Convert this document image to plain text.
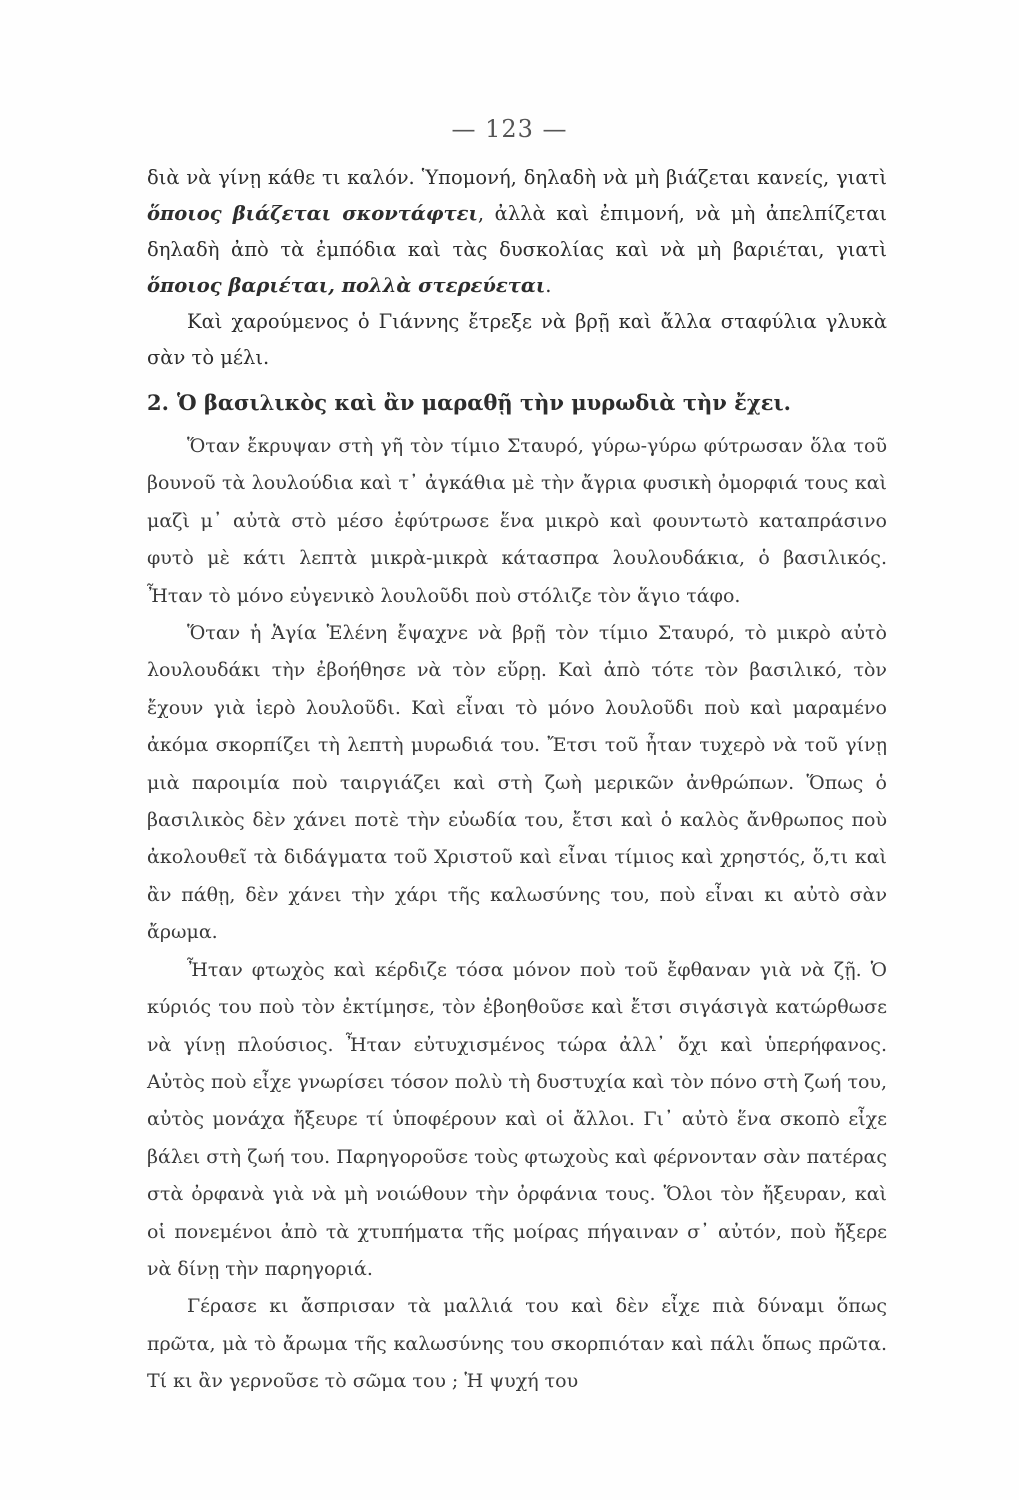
— 123 —

διὰ νὰ γίνῃ κάθε τι καλόν. Ὑπομονή, δηλαδὴ νὰ μὴ βιάζεται κανείς, γιατὶ ὅποιος βιάζεται σκοντάφτει, ἀλλὰ καὶ ἐπιμονή, νὰ μὴ ἀπελπίζεται δηλαδὴ ἀπὸ τὰ ἐμπόδια καὶ τὰς δυσκολίας καὶ νὰ μὴ βαριέται, γιατὶ ὅποιος βαριέται, πολλὰ στερεύεται.

Καὶ χαρούμενος ὁ Γιάννης ἔτρεξε νὰ βρῇ καὶ ἄλλα σταφύλια γλυκὰ σὰν τὸ μέλι.

2. Ὁ βασιλικὸς καὶ ἂν μαραθῇ τὴν μυρωδιὰ τὴν ἔχει.

Ὅταν ἔκρυψαν στὴ γῆ τὸν τίμιο Σταυρό, γύρω-γύρω φύτρωσαν ὅλα τοῦ βουνοῦ τὰ λουλούδια καὶ τ᾽ ἀγκάθια μὲ τὴν ἄγρια φυσικὴ ὀμορφιά τους καὶ μαζὶ μ᾽ αὐτὰ στὸ μέσο ἐφύτρωσε ἕνα μικρὸ καὶ φουντωτὸ καταπράσινο φυτὸ μὲ κάτι λεπτὰ μικρὰ-μικρὰ κάτασπρα λουλουδάκια, ὁ βασιλικός. Ἦταν τὸ μόνο εὐγενικὸ λουλοῦδι ποὺ στόλιζε τὸν ἅγιο τάφο.

Ὅταν ἡ Ἁγία Ἑλένη ἔψαχνε νὰ βρῇ τὸν τίμιο Σταυρό, τὸ μικρὸ αὐτὸ λουλουδάκι τὴν ἐβοήθησε νὰ τὸν εὕρῃ. Καὶ ἀπὸ τότε τὸν βασιλικό, τὸν ἔχουν γιὰ ἱερὸ λουλοῦδι. Καὶ εἶναι τὸ μόνο λουλοῦδι ποὺ καὶ μαραμένο ἀκόμα σκορπίζει τὴ λεπτὴ μυρωδιά του. Ἔτσι τοῦ ἦταν τυχερὸ νὰ τοῦ γίνῃ μιὰ παροιμία ποὺ ταιργιάζει καὶ στὴ ζωὴ μερικῶν ἀνθρώπων. Ὅπως ὁ βασιλικὸς δὲν χάνει ποτὲ τὴν εὐωδία του, ἔτσι καὶ ὁ καλὸς ἄνθρωπος ποὺ ἀκολουθεῖ τὰ διδάγματα τοῦ Χριστοῦ καὶ εἶναι τίμιος καὶ χρηστός, ὅ,τι καὶ ἂν πάθῃ, δὲν χάνει τὴν χάρι τῆς καλωσύνης του, ποὺ εἶναι κι αὐτὸ σὰν ἄρωμα.

Ἦταν φτωχὸς καὶ κέρδιζε τόσα μόνον ποὺ τοῦ ἔφθαναν γιὰ νὰ ζῇ. Ὁ κύριός του ποὺ τὸν ἐκτίμησε, τὸν ἐβοηθοῦσε καὶ ἔτσι σιγάσιγὰ κατώρθωσε νὰ γίνῃ πλούσιος. Ἦταν εὐτυχισμένος τώρα ἀλλ᾽ ὄχι καὶ ὑπερήφανος. Αὐτὸς ποὺ εἶχε γνωρίσει τόσον πολὺ τὴ δυστυχία καὶ τὸν πόνο στὴ ζωή του, αὐτὸς μονάχα ἤξευρε τί ὑποφέρουν καὶ οἱ ἄλλοι. Γι᾽ αὐτὸ ἕνα σκοπὸ εἶχε βάλει στὴ ζωή του. Παρηγοροῦσε τοὺς φτωχοὺς καὶ φέρνονταν σὰν πατέρας στὰ ὀρφανὰ γιὰ νὰ μὴ νοιώθουν τὴν ὀρφάνια τους. Ὅλοι τὸν ἤξευραν, καὶ οἱ πονεμένοι ἀπὸ τὰ χτυπήματα τῆς μοίρας πήγαιναν σ᾽ αὐτόν, ποὺ ἤξερε νὰ δίνῃ τὴν παρηγοριά.

Γέρασε κι ἄσπρισαν τὰ μαλλιά του καὶ δὲν εἶχε πιὰ δύναμι ὅπως πρῶτα, μὰ τὸ ἄρωμα τῆς καλωσύνης του σκορπιόταν καὶ πάλι ὅπως πρῶτα. Τί κι ἂν γερνοῦσε τὸ σῶμα του ; Ἡ ψυχή του
